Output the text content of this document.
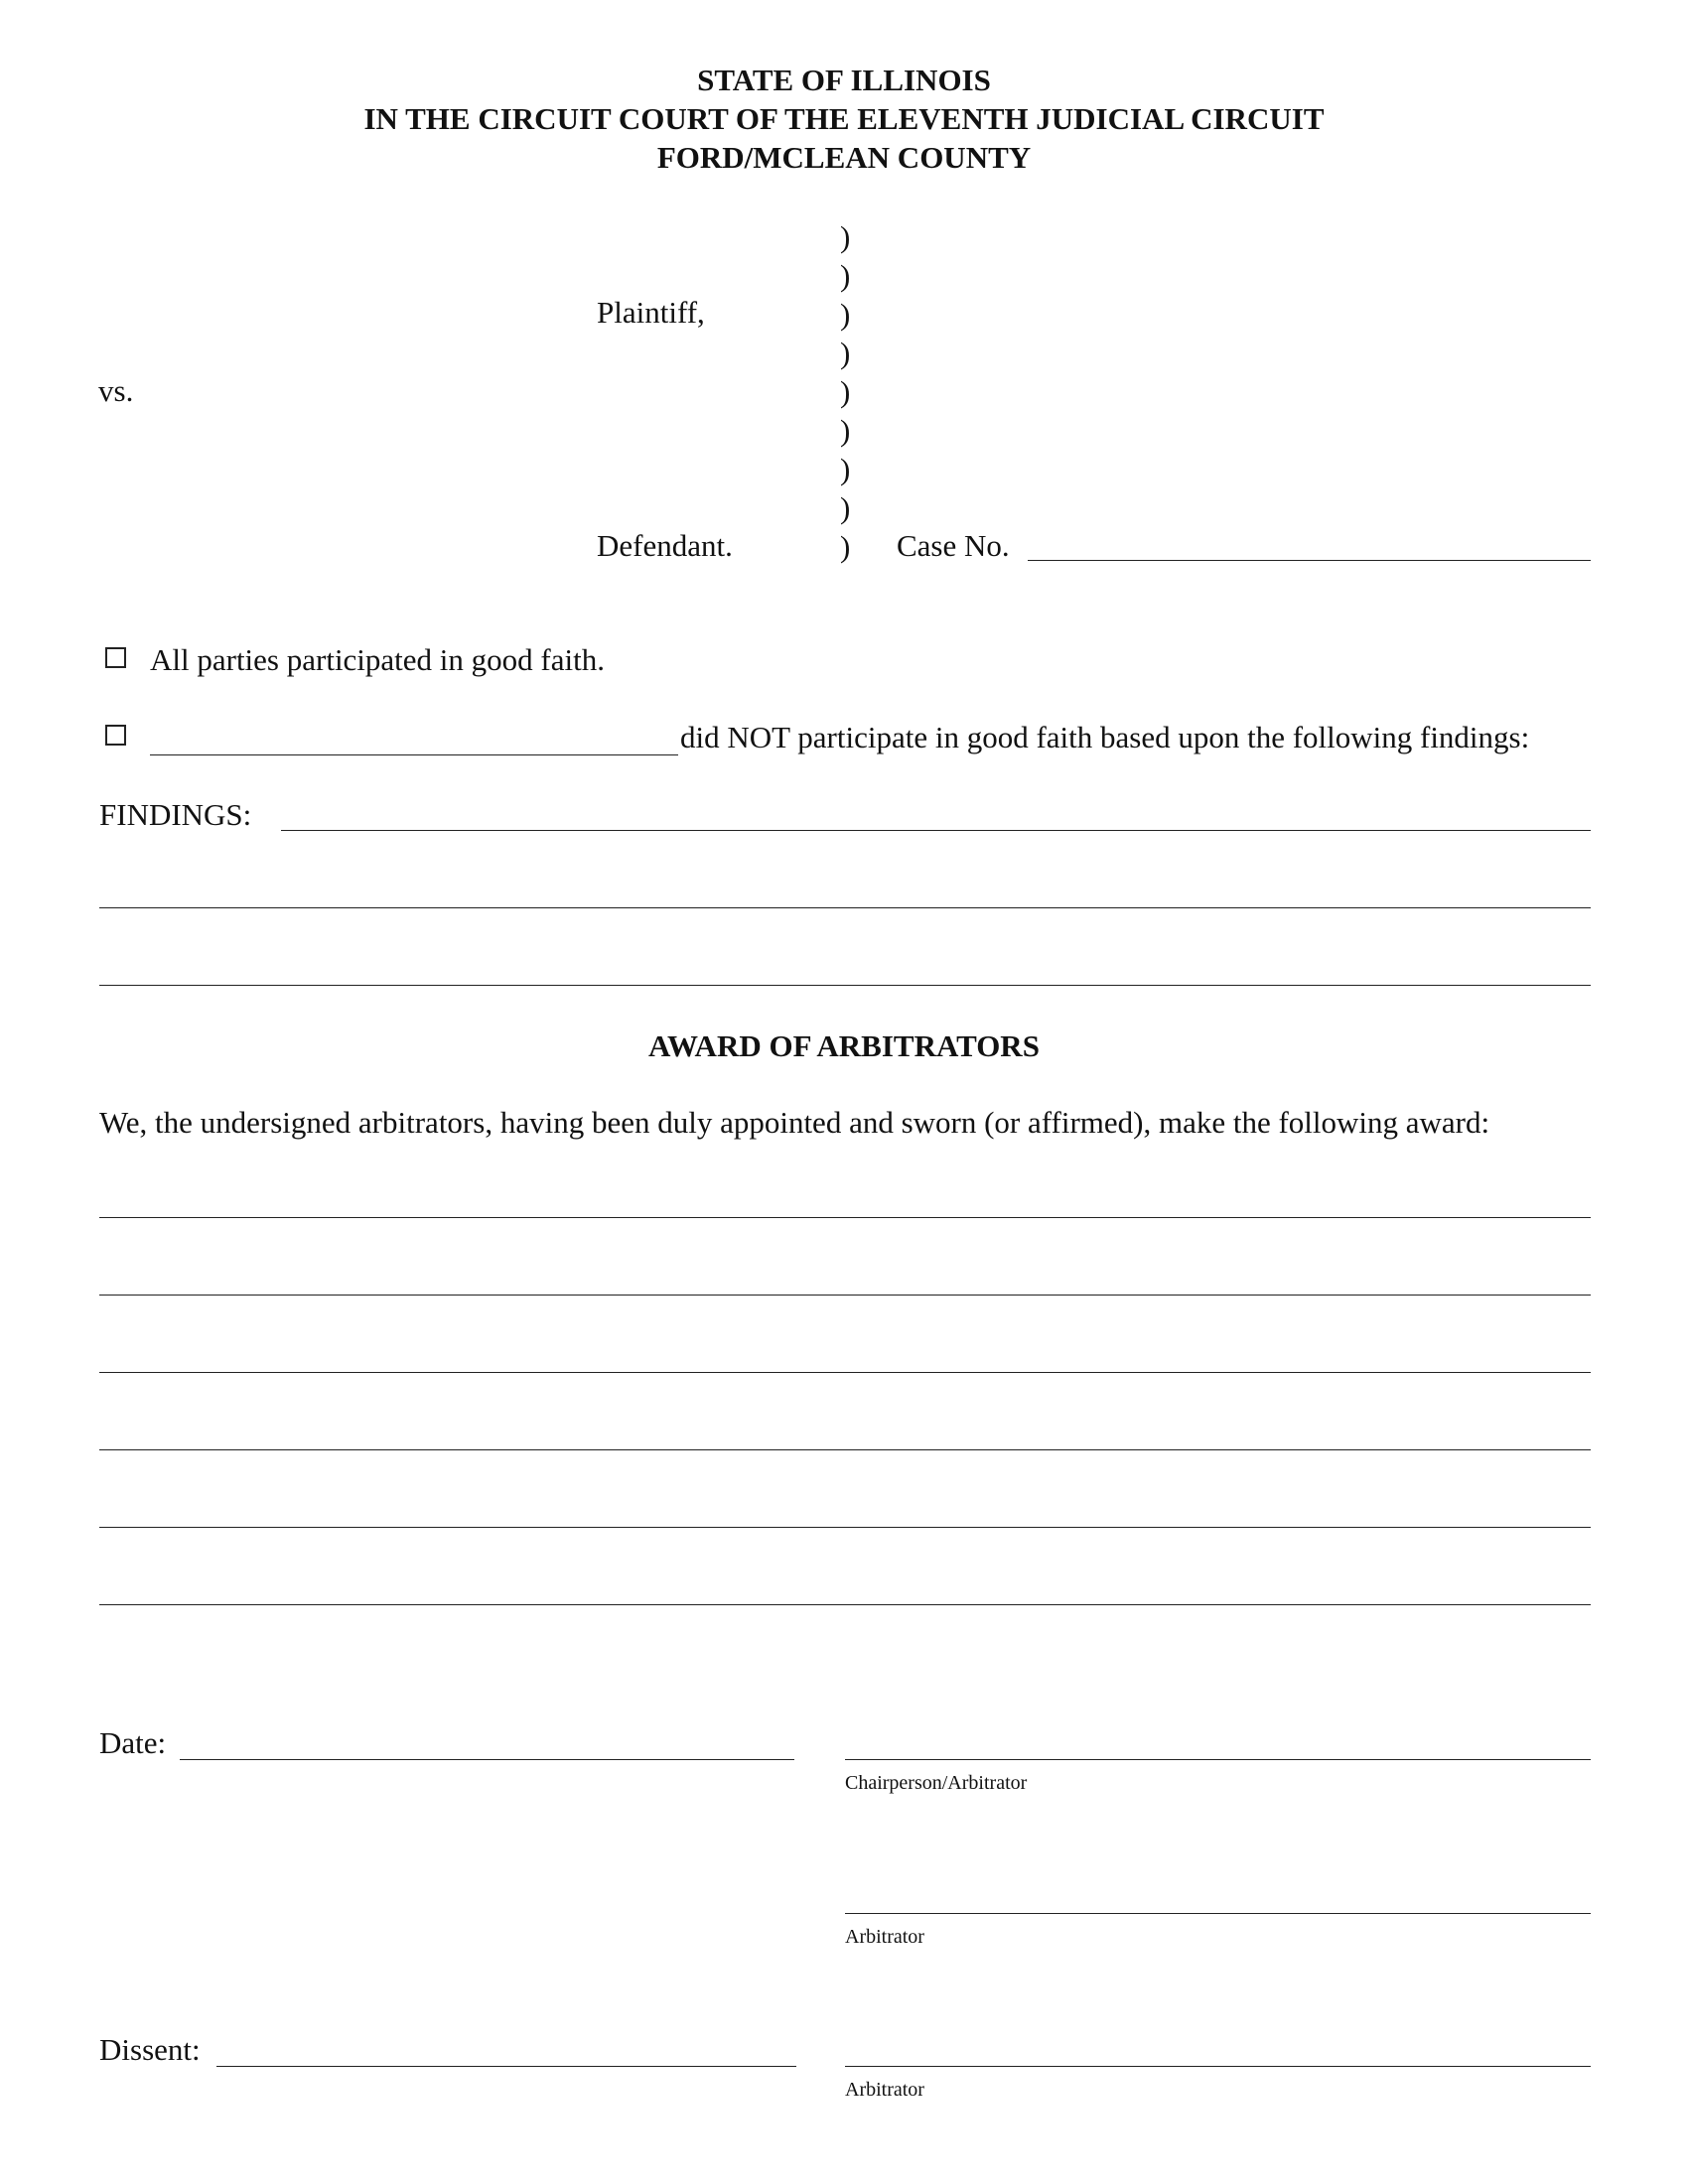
STATE OF ILLINOIS
IN THE CIRCUIT COURT OF THE ELEVENTH JUDICIAL CIRCUIT
FORD/MCLEAN COUNTY
)
)
)
)
)
)
)
)
)
Plaintiff,
vs.
Defendant.	Case No.
All parties participated in good faith.
did NOT participate in good faith based upon the following findings:
FINDINGS:
AWARD OF ARBITRATORS
We, the undersigned arbitrators, having been duly appointed and sworn (or affirmed), make the following award:
Date:
Chairperson/Arbitrator
Arbitrator
Dissent:
Arbitrator
